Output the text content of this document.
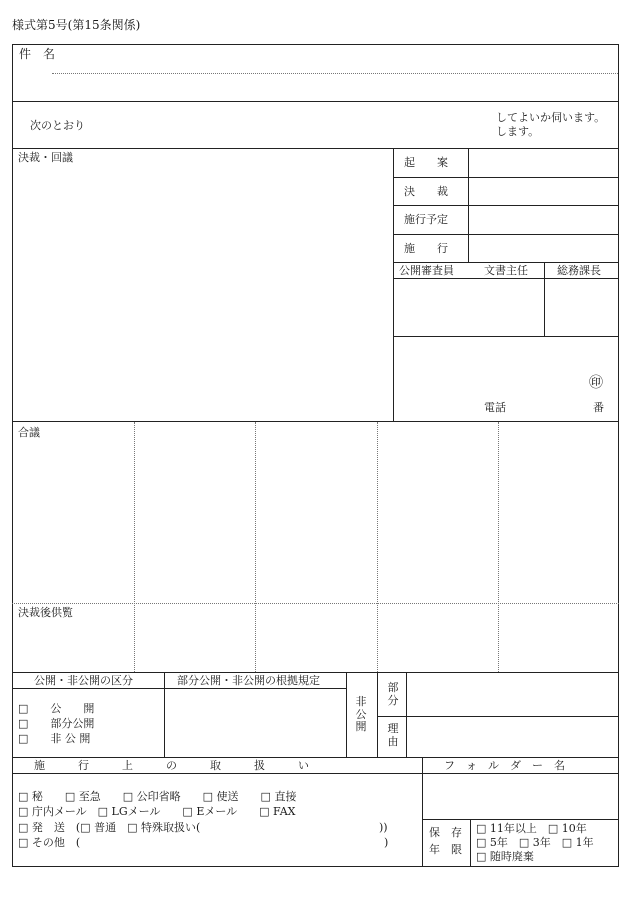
様式第5号(第15条関係)
件　名
次のとおり
してよいか伺います。
します。
決裁・回議	起　　案
決　　裁
施行予定
施　　行
公開審査員	文書主任	総務課長
㊞
電話	番
合議
決裁後供覧
公開・非公開の区分	部分公開・非公開の根拠規定
□　　公　　開
□　　部分公開
□　　非 公 開
非公開
部分
理由
施　　　行　　　上　　　の　　　取　　　扱　　　い	フ　ォ　ル　ダ　ー　名
□ 秘　　□ 至急　　□ 公印省略　　□ 使送　　□ 直接
□ 庁内メール　□ LGメール　　□ Eメール　　□ FAX
□ 発　送　(□ 普通　□ 特殊取扱い(	))
□ その他　(	)
保　存
年　限
□ 11年以上　□ 10年
□ 5年　□ 3年　□ 1年
□ 随時廃棄
